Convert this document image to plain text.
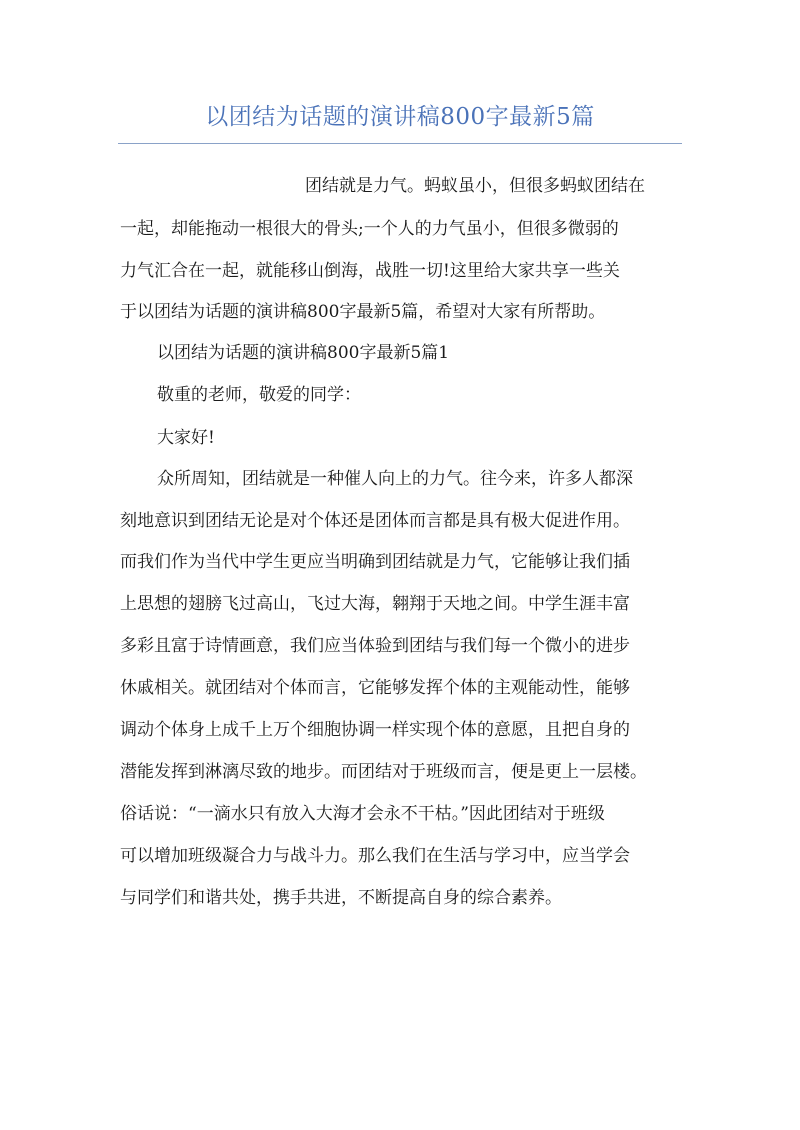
以团结为话题的演讲稿800字最新5篇

团结就是力气。蚂蚁虽小，但很多蚂蚁团结在

一起，却能拖动一根很大的骨头;一个人的力气虽小，但很多微弱的

力气汇合在一起，就能移山倒海，战胜一切!这里给大家共享一些关

于以团结为话题的演讲稿800字最新5篇，希望对大家有所帮助。

以团结为话题的演讲稿800字最新5篇1

敬重的老师，敬爱的同学：

大家好!

众所周知，团结就是一种催人向上的力气。往今来，许多人都深

刻地意识到团结无论是对个体还是团体而言都是具有极大促进作用。

而我们作为当代中学生更应当明确到团结就是力气，它能够让我们插

上思想的翅膀飞过高山，飞过大海，翱翔于天地之间。中学生涯丰富

多彩且富于诗情画意，我们应当体验到团结与我们每一个微小的进步

休戚相关。就团结对个体而言，它能够发挥个体的主观能动性，能够

调动个体身上成千上万个细胞协调一样实现个体的意愿，且把自身的

潜能发挥到淋漓尽致的地步。而团结对于班级而言，便是更上一层楼。

俗话说：“一滴水只有放入大海才会永不干枯。”因此团结对于班级

可以增加班级凝合力与战斗力。那么我们在生活与学习中，应当学会

与同学们和谐共处，携手共进，不断提高自身的综合素养。
